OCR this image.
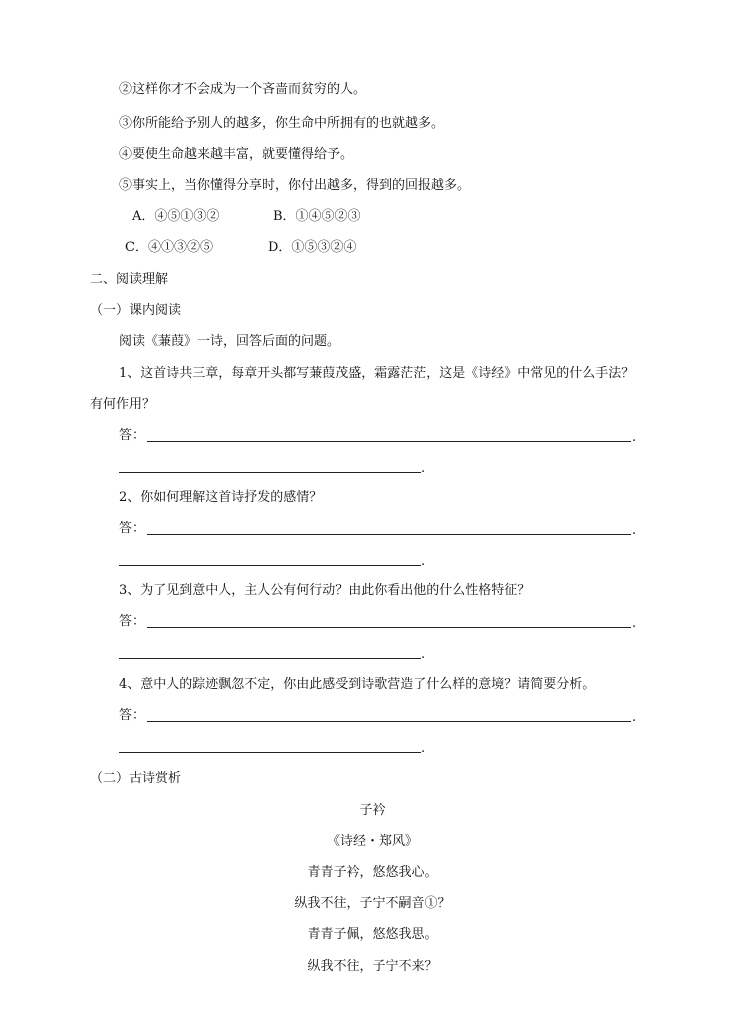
②这样你才不会成为一个吝啬而贫穷的人。
③你所能给予别人的越多，你生命中所拥有的也就越多。
④要使生命越来越丰富，就要懂得给予。
⑤事实上，当你懂得分享时，你付出越多，得到的回报越多。
A．④⑤①③②	B．①④⑤②③
C．④①③②⑤	D．①⑤③②④
二、阅读理解
（一）课内阅读
阅读《蒹葭》一诗，回答后面的问题。
1、这首诗共三章，每章开头都写蒹葭茂盛，霜露茫茫，这是《诗经》中常见的什么手法？
有何作用？
答：	.
.
2、你如何理解这首诗抒发的感情？
答：	.
.
3、为了见到意中人，主人公有何行动？由此你看出他的什么性格特征？
答：	.
.
4、意中人的踪迹飘忽不定，你由此感受到诗歌营造了什么样的意境？请简要分析。
答：	.
.
（二）古诗赏析
子衿
《诗经・郑风》
青青子衿，悠悠我心。
纵我不往，子宁不嗣音①？
青青子佩，悠悠我思。
纵我不往，子宁不来？
